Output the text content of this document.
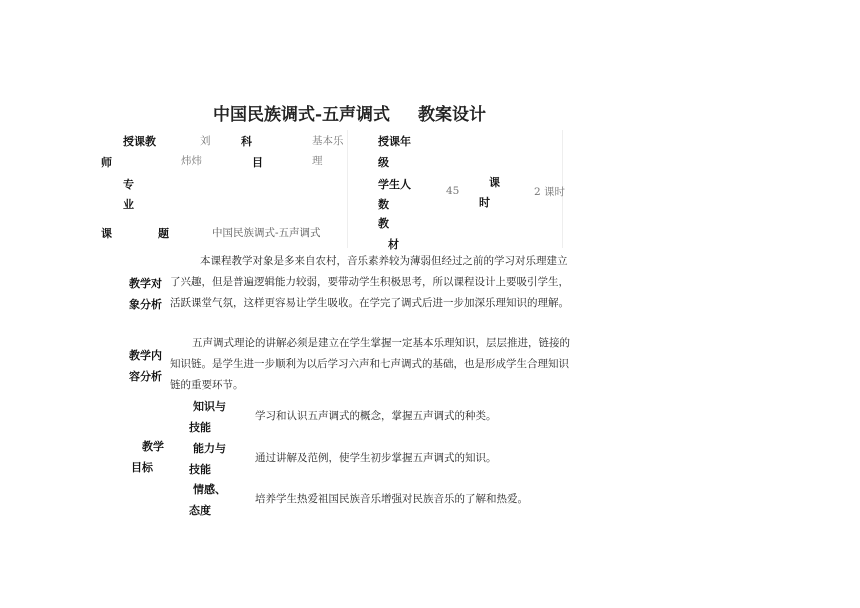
中国民族调式-五声调式 教案设计
授课教
师
刘
炜炜
科
目
基本乐
理
授课年
级
专
业
学生人
数
45
课
时
2 课时
课	题	中国民族调式-五声调式
教
材
教学对
象分析
本课程教学对象是多来自农村，音乐素养较为薄弱但经过之前的学习对乐理建立了兴趣，但是普遍逻辑能力较弱，要带动学生积极思考，所以课程设计上要吸引学生，活跃课堂气氛，这样更容易让学生吸收。在学完了调式后进一步加深乐理知识的理解。
教学内
容分析
五声调式理论的讲解必须是建立在学生掌握一定基本乐理知识，层层推进，链接的知识链。是学生进一步顺利为以后学习六声和七声调式的基础，也是形成学生合理知识链的重要环节。
教学
目标
知识与
技能
学习和认识五声调式的概念，掌握五声调式的种类。
能力与
技能
通过讲解及范例，使学生初步掌握五声调式的知识。
情感、
态度
培养学生热爱祖国民族音乐增强对民族音乐的了解和热爱。
